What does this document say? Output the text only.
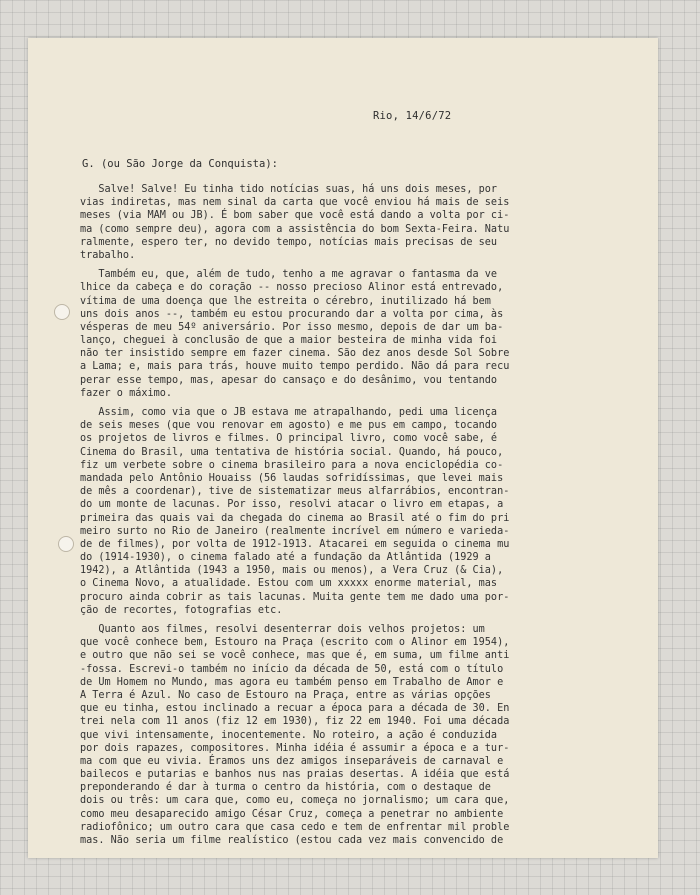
Rio, 14/6/72
G. (ou São Jorge da Conquista):
Salve! Salve! Eu tinha tido notícias suas, há uns dois meses, por
vias indiretas, mas nem sinal da carta que você enviou há mais de seis
meses (via MAM ou JB). É bom saber que você está dando a volta por ci-
ma (como sempre deu), agora com a assistência do bom Sexta-Feira. Natu
ralmente, espero ter, no devido tempo, notícias mais precisas de seu
trabalho.
Também eu, que, além de tudo, tenho a me agravar o fantasma da ve
lhice da cabeça e do coração -- nosso precioso Alinor está entrevado,
vítima de uma doença que lhe estreita o cérebro, inutilizado há bem
uns dois anos --, também eu estou procurando dar a volta por cima, às
vésperas de meu 54º aniversário. Por isso mesmo, depois de dar um ba-
lanço, cheguei à conclusão de que a maior besteira de minha vida foi
não ter insistido sempre em fazer cinema. São dez anos desde Sol Sobre
a Lama; e, mais para trás, houve muito tempo perdido. Não dá para recu
perar esse tempo, mas, apesar do cansaço e do desânimo, vou tentando
fazer o máximo.
Assim, como via que o JB estava me atrapalhando, pedi uma licença
de seis meses (que vou renovar em agosto) e me pus em campo, tocando
os projetos de livros e filmes. O principal livro, como você sabe, é
Cinema do Brasil, uma tentativa de história social. Quando, há pouco,
fiz um verbete sobre o cinema brasileiro para a nova enciclopédia co-
mandada pelo Antônio Houaiss (56 laudas sofridíssimas, que levei mais
de mês a coordenar), tive de sistematizar meus alfarrábios, encontran-
do um monte de lacunas. Por isso, resolvi atacar o livro em etapas, a
primeira das quais vai da chegada do cinema ao Brasil até o fim do pri
meiro surto no Rio de Janeiro (realmente incrível em número e varieda-
de de filmes), por volta de 1912-1913. Atacarei em seguida o cinema mu
do (1914-1930), o cinema falado até a fundação da Atlântida (1929 a
1942), a Atlântida (1943 a 1950, mais ou menos), a Vera Cruz (& Cia),
o Cinema Novo, a atualidade. Estou com um xxxxx enorme material, mas
procuro ainda cobrir as tais lacunas. Muita gente tem me dado uma por-
ção de recortes, fotografias etc.
Quanto aos filmes, resolvi desenterrar dois velhos projetos: um
que você conhece bem, Estouro na Praça (escrito com o Alinor em 1954),
e outro que não sei se você conhece, mas que é, em suma, um filme anti
-fossa. Escrevi-o também no início da década de 50, está com o título
de Um Homem no Mundo, mas agora eu também penso em Trabalho de Amor e
A Terra é Azul. No caso de Estouro na Praça, entre as várias opções
que eu tinha, estou inclinado a recuar a época para a década de 30. En
trei nela com 11 anos (fiz 12 em 1930), fiz 22 em 1940. Foi uma década
que vivi intensamente, inocentemente. No roteiro, a ação é conduzida
por dois rapazes, compositores. Minha idéia é assumir a época e a tur-
ma com que eu vivia. Éramos uns dez amigos inseparáveis de carnaval e
bailecos e putarias e banhos nus nas praias desertas. A idéia que está
preponderando é dar à turma o centro da história, com o destaque de
dois ou três: um cara que, como eu, começa no jornalismo; um cara que,
como meu desaparecido amigo César Cruz, começa a penetrar no ambiente
radiofônico; um outro cara que casa cedo e tem de enfrentar mil proble
mas. Não seria um filme realístico (estou cada vez mais convencido de
